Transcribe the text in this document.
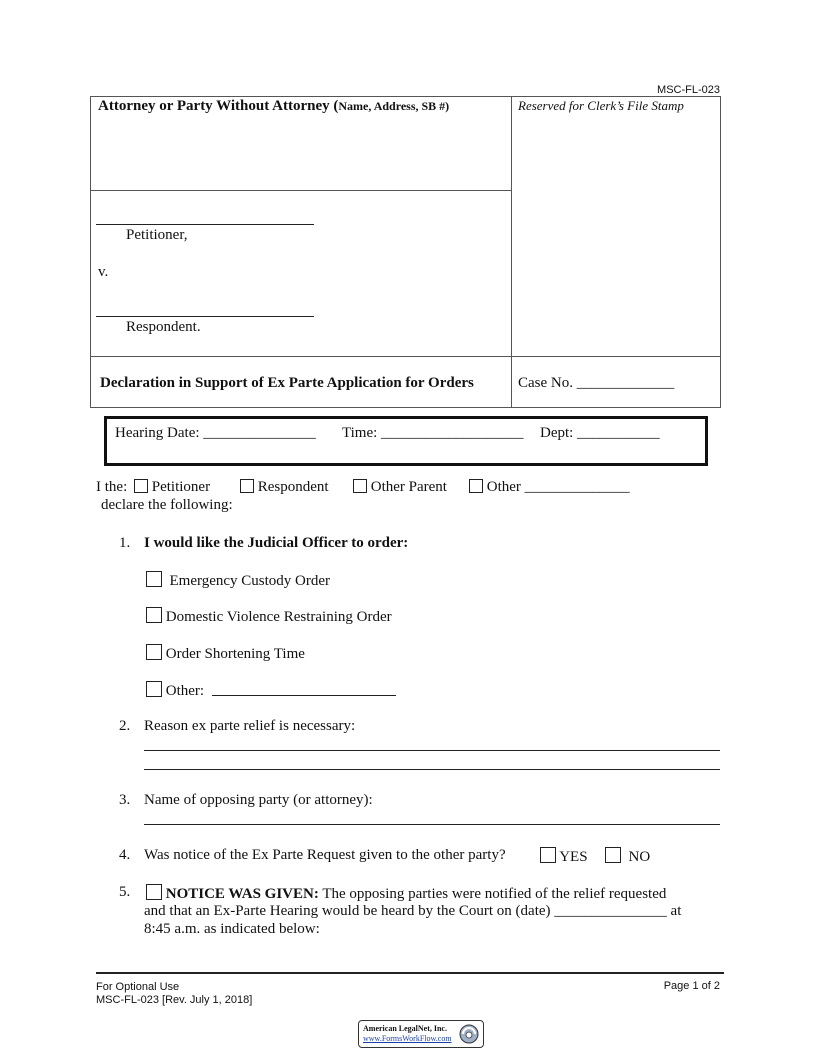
MSC-FL-023
Attorney or Party Without Attorney (Name, Address, SB #)	Reserved for Clerk’s File Stamp
Petitioner,
v.
Respondent.
Declaration in Support of Ex Parte Application for Orders	Case No. _____________
Hearing Date: _______________ Time: ___________________ Dept: ___________
I the:	Petitioner	Respondent	Other Parent	Other ______________
declare the following:
1. I would like the Judicial Officer to order:
Emergency Custody Order
Domestic Violence Restraining Order
Order Shortening Time
Other:
2. Reason ex parte relief is necessary:
3. Name of opposing party (or attorney):
4. Was notice of the Ex Parte Request given to the other party?	YES	NO
5.	NOTICE WAS GIVEN: The opposing parties were notified of the relief requested
and that an Ex-Parte Hearing would be heard by the Court on (date) _______________ at
8:45 a.m. as indicated below:
For Optional Use
MSC-FL-023 [Rev. July 1, 2018]
Page 1 of 2
American LegalNet, Inc.
www.FormsWorkFlow.com
